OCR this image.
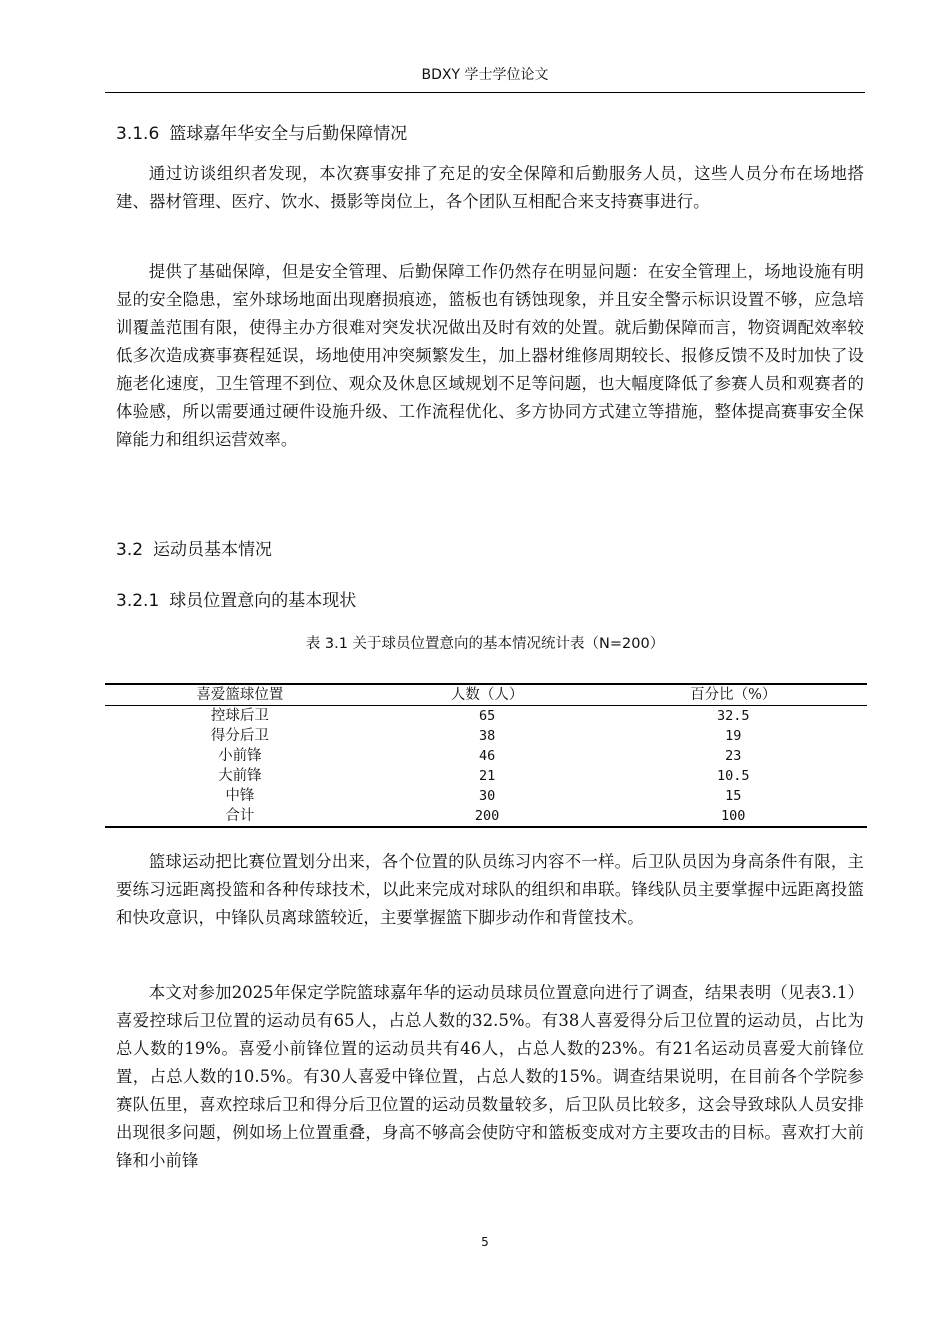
BDXY 学士学位论文
3.1.6 篮球嘉年华安全与后勤保障情况

通过访谈组织者发现，本次赛事安排了充足的安全保障和后勤服务人员，这些人员分布在场地搭建、器材管理、医疗、饮水、摄影等岗位上，各个团队互相配合来支持赛事进行。

提供了基础保障，但是安全管理、后勤保障工作仍然存在明显问题：在安全管理上，场地设施有明显的安全隐患，室外球场地面出现磨损痕迹，篮板也有锈蚀现象，并且安全警示标识设置不够，应急培训覆盖范围有限，使得主办方很难对突发状况做出及时有效的处置。就后勤保障而言，物资调配效率较低多次造成赛事赛程延误，场地使用冲突频繁发生，加上器材维修周期较长、报修反馈不及时加快了设施老化速度，卫生管理不到位、观众及休息区域规划不足等问题，也大幅度降低了参赛人员和观赛者的体验感，所以需要通过硬件设施升级、工作流程优化、多方协同方式建立等措施，整体提高赛事安全保障能力和组织运营效率。

3.2 运动员基本情况
3.2.1 球员位置意向的基本现状
表 3.1 关于球员位置意向的基本情况统计表（N=200）
喜爱篮球位置	人数（人）	百分比（%）
控球后卫	65	32.5
得分后卫	38	19
小前锋	46	23
大前锋	21	10.5
中锋	30	15
合计	200	100

篮球运动把比赛位置划分出来，各个位置的队员练习内容不一样。后卫队员因为身高条件有限，主要练习远距离投篮和各种传球技术，以此来完成对球队的组织和串联。锋线队员主要掌握中远距离投篮和快攻意识，中锋队员离球篮较近，主要掌握篮下脚步动作和背筐技术。

本文对参加2025年保定学院篮球嘉年华的运动员球员位置意向进行了调查，结果表明（见表3.1）喜爱控球后卫位置的运动员有65人，占总人数的32.5%。有38人喜爱得分后卫位置的运动员，占比为总人数的19%。喜爱小前锋位置的运动员共有46人，占总人数的23%。有21名运动员喜爱大前锋位置，占总人数的10.5%。有30人喜爱中锋位置，占总人数的15%。调查结果说明，在目前各个学院参赛队伍里，喜欢控球后卫和得分后卫位置的运动员数量较多，后卫队员比较多，这会导致球队人员安排出现很多问题，例如场上位置重叠，身高不够高会使防守和篮板变成对方主要攻击的目标。喜欢打大前锋和小前锋

5
